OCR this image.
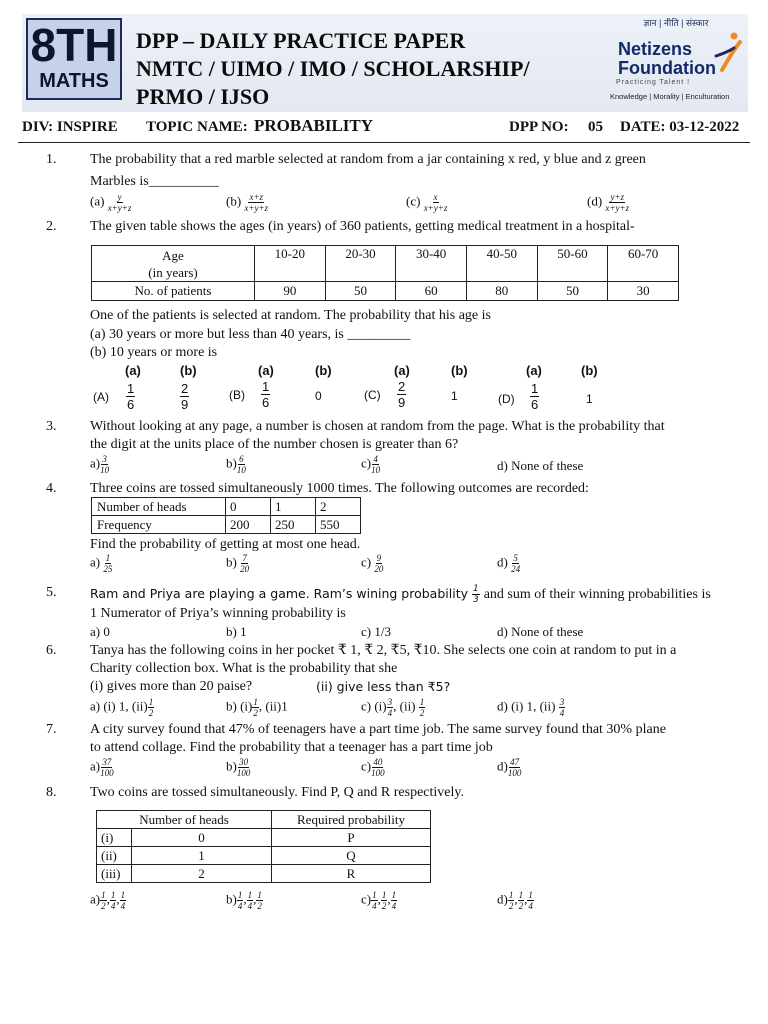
8TH
MATHS
DPP – DAILY PRACTICE PAPER
NMTC / UIMO / IMO / SCHOLARSHIP/
PRMO / IJSO
ज्ञान | नीति | संस्कार
Netizens
Foundation
Practicing Talent !
Knowledge | Morality | Enculturation
DIV: INSPIRE TOPIC NAME: PROBABILITY	DPP NO: 05 DATE: 03-12-2022
1. The probability that a red marble selected at random from a jar containing x red, y blue and z green
Marbles is__________
$(a) \frac{y}{x+y+z}$	$(b) \frac{x+z}{x+y+z}$	$(c) \frac{x}{x+y+z}$	$(d) \frac{y+z}{x+y+z}$
2. The given table shows the ages (in years) of 360 patients, getting medical treatment in a hospital-
Age
(in years)	10-20	20-30	30-40	40-50	50-60	60-70
No. of patients	90	50	60	80	50	30
One of the patients is selected at random. The probability that his age is
(a) 30 years or more but less than 40 years, is _________
(b) 10 years or more is
(a)	(b)	(a)	(b)	(a)	(b)	(a)	(b)
$(A) \frac{1}{6}$	$\frac{2}{9}$	$(B) \frac{1}{6}$	0	$(C) \frac{2}{9}$	1	$(D) \frac{1}{6}$	1
3. Without looking at any page, a number is chosen at random from the page. What is the probability that
the digit at the units place of the number chosen is greater than 6?
$a) \frac{3}{10}$	$b) \frac{6}{10}$	$c) \frac{4}{10}$	d) None of these
4. Three coins are tossed simultaneously 1000 times. The following outcomes are recorded:
Number of heads	0	1	2
Frequency	200	250	550
Find the probability of getting at most one head.
$a) \frac{1}{25}$	$b) \frac{7}{20}$	$c) \frac{9}{20}$	$d) \frac{5}{24}$
5.	Ram and Priya are playing a game. Ram’s wining probability $\frac{1}{3}$ and sum of their winning probabilities is
1 Numerator of Priya’s winning probability is
a) 0	b) 1	c) 1/3	d) None of these
6. Tanya has the following coins in her pocket ₹ 1, ₹ 2, ₹5, ₹10. She selects one coin at random to put in a
Charity collection box. What is the probability that she
(i) gives more than 20 paise?	(ii) give less than ₹5?
a) (i) 1, $(ii) \frac{1}{2}$	b) $(i) \frac{1}{2}$ , (ii)1	c) $(i) \frac{3}{4}$ , $(ii) \frac{1}{2}$	d) (i) 1, $(ii) \frac{3}{4}$
7. A city survey found that 47% of teenagers have a part time job. The same survey found that 30% plane
to attend collage. Find the probability that a teenager has a part time job
$a) \frac{37}{100}$	$b) \frac{30}{100}$	$c) \frac{40}{100}$	$d) \frac{47}{100}$
8. Two coins are tossed simultaneously. Find P, Q and R respectively.
Number of heads		Required probability
(i)	0	P
(ii)	1	Q
(iii)	2	R
$a) \frac{1}{2}$ , $\frac{1}{4}$ , $\frac{1}{4}$	$b) \frac{1}{4}$ , $\frac{1}{4}$ , $\frac{1}{2}$	$c) \frac{1}{4}$ , $\frac{1}{2}$ , $\frac{1}{4}$	$d) \frac{1}{2}$ , $\frac{1}{2}$ , $\frac{1}{4}$
